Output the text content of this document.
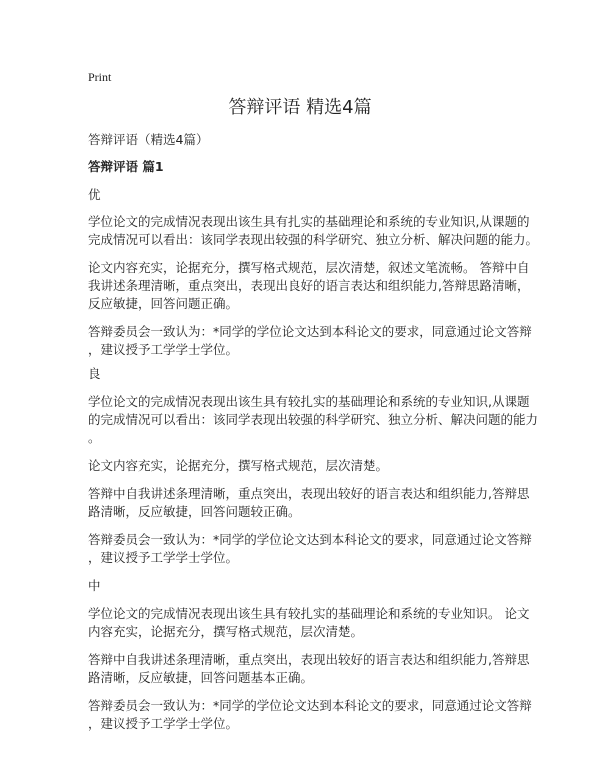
Print
答辩评语 精选4篇
答辩评语（精选4篇）
答辩评语 篇1
优
学位论文的完成情况表现出该生具有扎实的基础理论和系统的专业知识,从课题的
完成情况可以看出：该同学表现出较强的科学研究、独立分析、解决问题的能力。
论文内容充实，论据充分，撰写格式规范，层次清楚，叙述文笔流畅。 答辩中自
我讲述条理清晰，重点突出，表现出良好的语言表达和组织能力,答辩思路清晰，
反应敏捷，回答问题正确。
答辩委员会一致认为：*同学的学位论文达到本科论文的要求，同意通过论文答辩
，建议授予工学学士学位。
良
学位论文的完成情况表现出该生具有较扎实的基础理论和系统的专业知识,从课题
的完成情况可以看出：该同学表现出较强的科学研究、独立分析、解决问题的能力
。
论文内容充实，论据充分，撰写格式规范，层次清楚。
答辩中自我讲述条理清晰，重点突出，表现出较好的语言表达和组织能力,答辩思
路清晰，反应敏捷，回答问题较正确。
答辩委员会一致认为：*同学的学位论文达到本科论文的要求，同意通过论文答辩
，建议授予工学学士学位。
中
学位论文的完成情况表现出该生具有较扎实的基础理论和系统的专业知识。 论文
内容充实，论据充分，撰写格式规范，层次清楚。
答辩中自我讲述条理清晰，重点突出，表现出较好的语言表达和组织能力,答辩思
路清晰，反应敏捷，回答问题基本正确。
答辩委员会一致认为：*同学的学位论文达到本科论文的要求，同意通过论文答辩
，建议授予工学学士学位。
